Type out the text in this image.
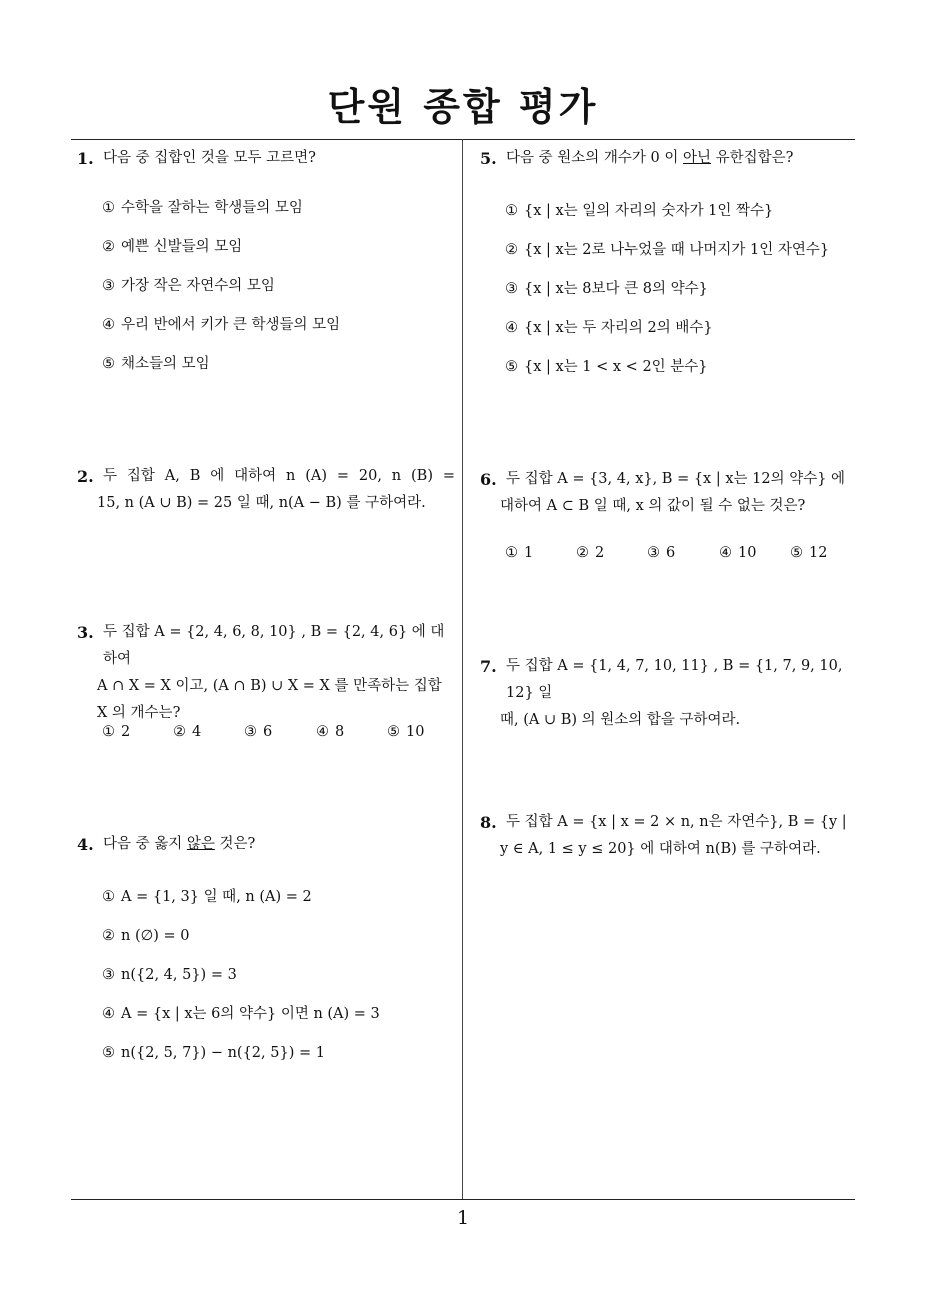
단원 종합 평가
1
1. 다음 중 집합인 것을 모두 고르면?
① 수학을 잘하는 학생들의 모임
② 예쁜 신발들의 모임
③ 가장 작은 자연수의 모임
④ 우리 반에서 키가 큰 학생들의 모임
⑤ 채소들의 모임
2. 두 집합 A, B 에 대하여 n (A) = 20, n (B) =
15, n (A ∪ B) = 25 일 때, n(A − B) 를 구하여라.
3. 두 집합 A = {2, 4, 6, 8, 10} , B = {2, 4, 6} 에 대하여
A ∩ X = X 이고, (A ∩ B) ∪ X = X 를 만족하는 집합
X 의 개수는?
① 2	② 4	③ 6	④ 8	⑤ 10
4. 다음 중 옳지 않은 것은?
① A = {1, 3} 일 때, n (A) = 2
② n (∅) = 0
③ n({2, 4, 5}) = 3
④ A = {x | x는 6의 약수} 이면 n (A) = 3
⑤ n({2, 5, 7}) − n({2, 5}) = 1
5. 다음 중 원소의 개수가 0 이 아닌 유한집합은?
① {x | x는 일의 자리의 숫자가 1인 짝수}
② {x | x는 2로 나누었을 때 나머지가 1인 자연수}
③ {x | x는 8보다 큰 8의 약수}
④ {x | x는 두 자리의 2의 배수}
⑤ {x | x는 1 < x < 2인 분수}
6. 두 집합 A = {3, 4, x}, B = {x | x는 12의 약수} 에
대하여 A ⊂ B 일 때, x 의 값이 될 수 없는 것은?
① 1	② 2	③ 6	④ 10 ⑤ 12
7. 두 집합 A = {1, 4, 7, 10, 11} , B = {1, 7, 9, 10, 12} 일
때, (A ∪ B) 의 원소의 합을 구하여라.
8. 두 집합 A = {x | x = 2 × n, n은 자연수}, B = {y |
y ∈ A, 1 ≤ y ≤ 20} 에 대하여 n(B) 를 구하여라.
